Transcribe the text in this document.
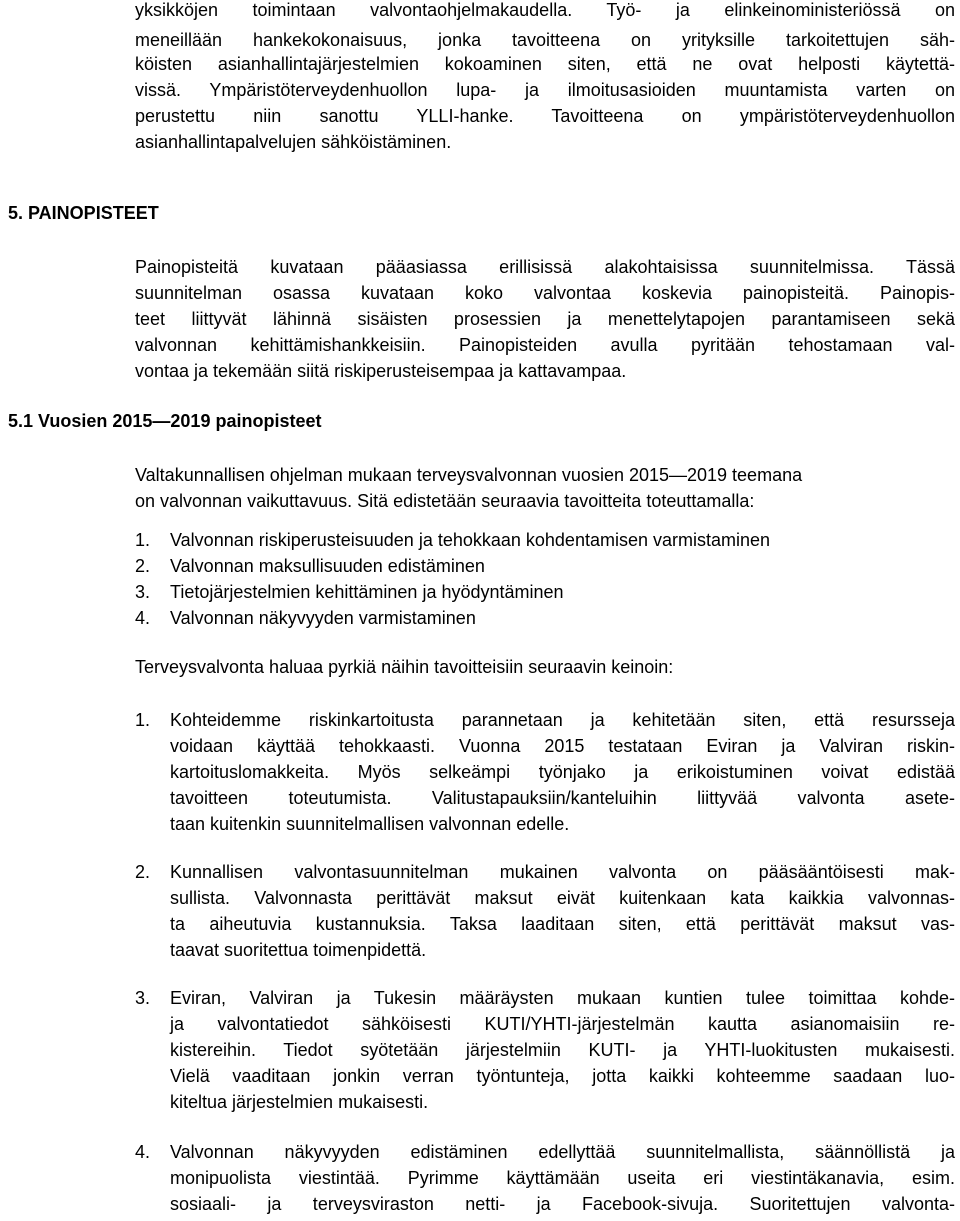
yksikköjen toimintaan valvontaohjelmakaudella. Työ- ja elinkeinoministeriössä on
meneillään hankekokonaisuus, jonka tavoitteena on yrityksille tarkoitettujen säh-
köisten asianhallintajärjestelmien kokoaminen siten, että ne ovat helposti käytettä-
vissä. Ympäristöterveydenhuollon lupa- ja ilmoitusasioiden muuntamista varten on
perustettu niin sanottu YLLI-hanke. Tavoitteena on ympäristöterveydenhuollon
asianhallintapalvelujen sähköistäminen.
5. PAINOPISTEET
Painopisteitä kuvataan pääasiassa erillisissä alakohtaisissa suunnitelmissa. Tässä
suunnitelman osassa kuvataan koko valvontaa koskevia painopisteitä. Painopis-
teet liittyvät lähinnä sisäisten prosessien ja menettelytapojen parantamiseen sekä
valvonnan kehittämishankkeisiin. Painopisteiden avulla pyritään tehostamaan val-
vontaa ja tekemään siitä riskiperusteisempaa ja kattavampaa.
5.1 Vuosien 2015—2019 painopisteet
Valtakunnallisen ohjelman mukaan terveysvalvonnan vuosien 2015—2019 teemana
on valvonnan vaikuttavuus. Sitä edistetään seuraavia tavoitteita toteuttamalla:
1. Valvonnan riskiperusteisuuden ja tehokkaan kohdentamisen varmistaminen
2. Valvonnan maksullisuuden edistäminen
3. Tietojärjestelmien kehittäminen ja hyödyntäminen
4. Valvonnan näkyvyyden varmistaminen
Terveysvalvonta haluaa pyrkiä näihin tavoitteisiin seuraavin keinoin:
1. Kohteidemme riskinkartoitusta parannetaan ja kehitetään siten, että resursseja
voidaan käyttää tehokkaasti. Vuonna 2015 testataan Eviran ja Valviran riskin-
kartoituslomakkeita. Myös selkeämpi työnjako ja erikoistuminen voivat edistää
tavoitteen toteutumista. Valitustapauksiin/kanteluihin liittyvää valvonta asete-
taan kuitenkin suunnitelmallisen valvonnan edelle.
2. Kunnallisen valvontasuunnitelman mukainen valvonta on pääsääntöisesti mak-
sullista. Valvonnasta perittävät maksut eivät kuitenkaan kata kaikkia valvonnas-
ta aiheutuvia kustannuksia. Taksa laaditaan siten, että perittävät maksut vas-
taavat suoritettua toimenpidettä.
3. Eviran, Valviran ja Tukesin määräysten mukaan kuntien tulee toimittaa kohde-
ja valvontatiedot sähköisesti KUTI/YHTI-järjestelmän kautta asianomaisiin re-
kistereihin. Tiedot syötetään järjestelmiin KUTI- ja YHTI-luokitusten mukaisesti.
Vielä vaaditaan jonkin verran työntunteja, jotta kaikki kohteemme saadaan luo-
kiteltua järjestelmien mukaisesti.
4. Valvonnan näkyvyyden edistäminen edellyttää suunnitelmallista, säännöllistä ja
monipuolista viestintää. Pyrimme käyttämään useita eri viestintäkanavia, esim.
sosiaali- ja terveysviraston netti- ja Facebook-sivuja. Suoritettujen valvonta-
